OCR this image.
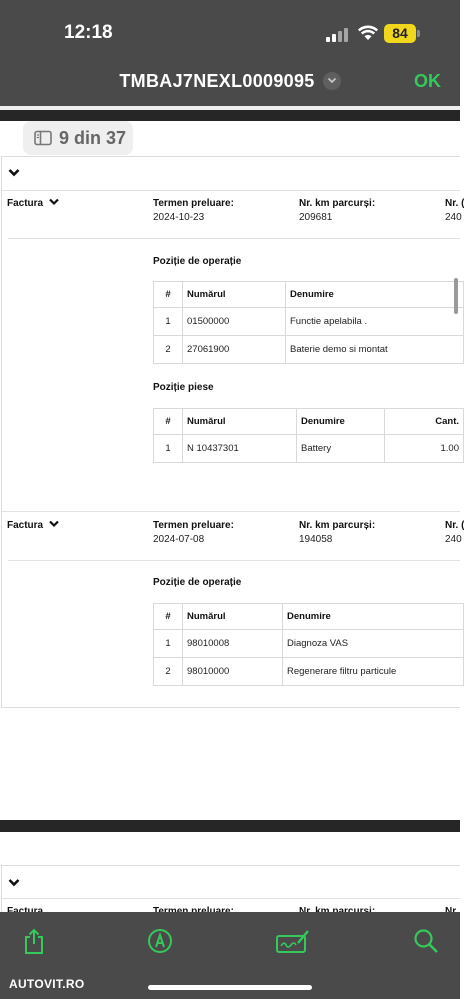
12:18	84
TMBAJ7NEXL0009095	OK
9 din 37
Factura	Termen preluare:
2024-10-23
Nr. km parcurși:
209681
Nr. (
240
Poziție de operație
#	Numărul	Denumire
1	01500000	Functie apelabila .
2	27061900	Baterie demo si montat
Poziție piese
#	Numărul	Denumire	Cant.
1	N 10437301	Battery	1.00
Factura	Termen preluare:
2024-07-08
Nr. km parcurși:
194058
Nr. (
240
Poziție de operație
#	Numărul	Denumire
1	98010008	Diagnoza VAS
2	98010000	Regenerare filtru particule
AUTOVIT.RO
